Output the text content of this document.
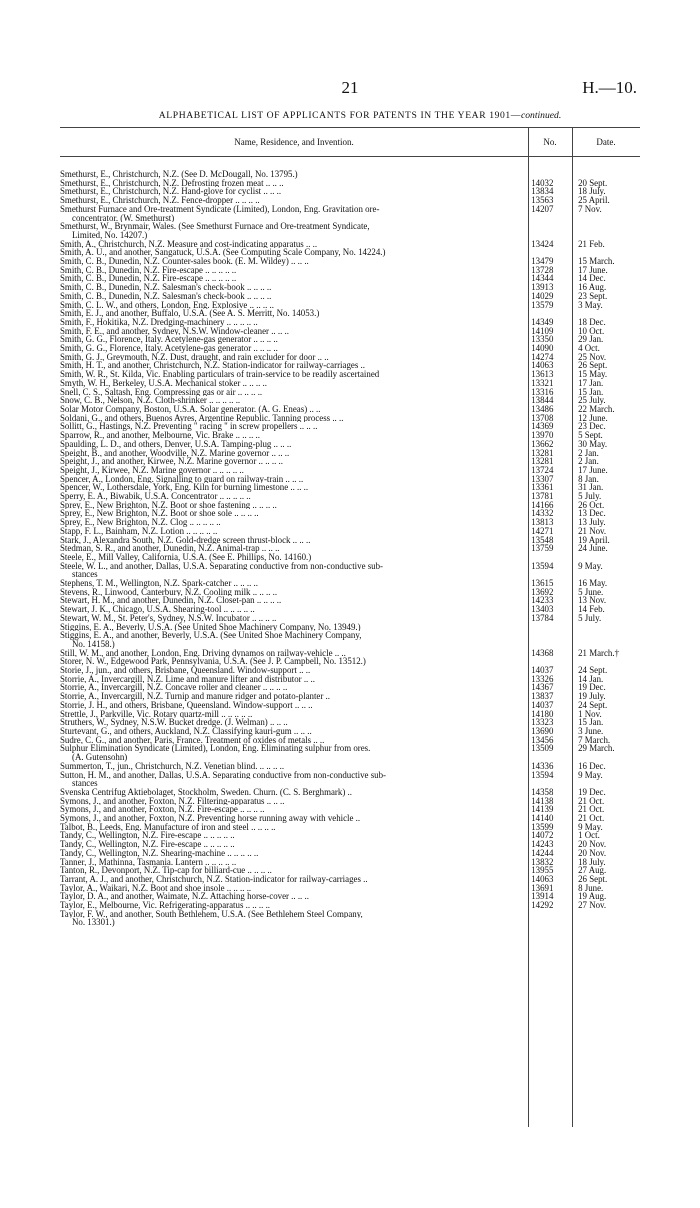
21	H.—10.
ALPHABETICAL LIST OF APPLICANTS FOR PATENTS IN THE YEAR 1901—continued.
Name, Residence, and Invention.	No.	Date.
Smethurst, E., Christchurch, N.Z. (See D. McDougall, No. 13795.)
Smethurst, E., Christchurch, N.Z. Defrosting frozen meat .. .. ..	14032	20 Sept.
Smethurst, E., Christchurch, N.Z. Hand-glove for cyclist .. .. ..	13834	18 July.
Smethurst, E., Christchurch, N.Z. Fence-dropper .. .. .. ..	13563	25 April.
Smethurst Furnace and Ore-treatment Syndicate (Limited), London, Eng. Gravitation ore-
concentrator. (W. Smethurst)
14207	7 Nov.
Smethurst, W., Brynmair, Wales. (See Smethurst Furnace and Ore-treatment Syndicate,
Limited, No. 14207.)
Smith, A., Christchurch, N.Z. Measure and cost-indicating apparatus .. ..	13424	21 Feb.
Smith, A. U., and another, Sangatuck, U.S.A. (See Computing Scale Company, No. 14224.)
Smith, C. B., Dunedin, N.Z. Counter-sales book. (E. M. Wildey) .. .. ..	13479	15 March.
Smith, C. B., Dunedin, N.Z. Fire-escape .. .. .. .. ..	13728	17 June.
Smith, C. B., Dunedin, N.Z. Fire-escape .. .. .. .. ..	14344	14 Dec.
Smith, C. B., Dunedin, N.Z. Salesman's check-book .. .. .. ..	13913	16 Aug.
Smith, C. B., Dunedin, N.Z. Salesman's check-book .. .. .. ..	14029	23 Sept.
Smith, C. L. W., and others, London, Eng. Explosive .. .. .. ..	13579	3 May.
Smith, E. J., and another, Buffalo, U.S.A. (See A. S. Merritt, No. 14053.)
Smith, F., Hokitika, N.Z. Dredging-machinery .. .. .. .. ..	14349	18 Dec.
Smith, F. E., and another, Sydney, N.S.W. Window-cleaner .. .. ..	14109	10 Oct.
Smith, G. G., Florence, Italy. Acetylene-gas generator .. .. .. ..	13350	29 Jan.
Smith, G. G., Florence, Italy. Acetylene-gas generator .. .. .. ..	14090	4 Oct.
Smith, G. J., Greymouth, N.Z. Dust, draught, and rain excluder for door .. ..	14274	25 Nov.
Smith, H. T., and another, Christchurch, N.Z. Station-indicator for railway-carriages ..	14063	26 Sept.
Smith, W. R., St. Kilda, Vic. Enabling particulars of train-service to be readily ascertained	13613	15 May.
Smyth, W. H., Berkeley, U.S.A. Mechanical stoker .. .. .. ..	13321	17 Jan.
Snell, C. S., Saltash, Eng. Compressing gas or air .. .. .. ..	13316	15 Jan.
Snow, C. B., Nelson, N.Z. Cloth-shrinker .. .. .. .. ..	13844	25 July.
Solar Motor Company, Boston, U.S.A. Solar generator. (A. G. Eneas) .. ..	13486	22 March.
Soldani, G., and others, Buenos Ayres, Argentine Republic. Tanning process .. ..	13708	12 June.
Sollitt, G., Hastings, N.Z. Preventing " racing " in screw propellers .. .. ..	14369	23 Dec.
Sparrow, R., and another, Melbourne, Vic. Brake .. .. .. ..	13970	5 Sept.
Spaulding, L. D., and others, Denver, U.S.A. Tamping-plug .. .. ..	13662	30 May.
Speight, B., and another, Woodville, N.Z. Marine governor .. .. ..	13281	2 Jan.
Speight, J., and another, Kirwee, N.Z. Marine governor .. .. .. ..	13281	2 Jan.
Speight, J., Kirwee, N.Z. Marine governor .. .. .. .. ..	13724	17 June.
Spencer, A., London, Eng. Signalling to guard on railway-train .. .. ..	13307	8 Jan.
Spencer, W., Lothersdale, York, Eng. Kiln for burning limestone .. .. ..	13361	31 Jan.
Sperry, E. A., Biwabik, U.S.A. Concentrator .. .. .. .. ..	13781	5 July.
Sprey, E., New Brighton, N.Z. Boot or shoe fastening .. .. .. ..	14166	26 Oct.
Sprey, E., New Brighton, N.Z. Boot or shoe sole .. .. .. ..	14332	13 Dec.
Sprey, E., New Brighton, N.Z. Clog .. .. .. .. ..	13813	13 July.
Stapp, F. L., Bainham, N.Z. Lotion .. .. .. .. ..	14271	21 Nov.
Stark, J., Alexandra South, N.Z. Gold-dredge screen thrust-block .. .. ..	13548	19 April.
Stedman, S. R., and another, Dunedin, N.Z. Animal-trap .. .. ..	13759	24 June.
Steele, E., Mill Valley, California, U.S.A. (See E. Phillips, No. 14160.)
Steele, W. L., and another, Dallas, U.S.A. Separating conductive from non-conductive sub-
stances
13594	9 May.
Stephens, T. M., Wellington, N.Z. Spark-catcher .. .. .. ..	13615	16 May.
Stevens, R., Linwood, Canterbury, N.Z. Cooling milk .. .. .. ..	13692	5 June.
Stewart, H. M., and another, Dunedin, N.Z. Closet-pan .. .. .. ..	14233	13 Nov.
Stewart, J. K., Chicago, U.S.A. Shearing-tool .. .. .. .. ..	13403	14 Feb.
Stewart, W. M., St. Peter's, Sydney, N.S.W. Incubator .. .. .. ..	13784	5 July.
Stiggins, E. A., Beverly, U.S.A. (See United Shoe Machinery Company, No. 13949.)
Stiggins, E. A., and another, Beverly, U.S.A. (See United Shoe Machinery Company,
No. 14158.)
Still, W. M., and another, London, Eng. Driving dynamos on railway-vehicle .. ..	14368	21 March.†
Storer, N. W., Edgewood Park, Pennsylvania, U.S.A. (See J. P. Campbell, No. 13512.)
Storie, J., jun., and others, Brisbane, Queensland. Window-support .. ..	14037	24 Sept.
Storrie, A., Invercargill, N.Z. Lime and manure lifter and distributor .. ..	13326	14 Jan.
Storrie, A., Invercargill, N.Z. Concave roller and cleaner .. .. .. ..	14367	19 Dec.
Storrie, A., Invercargill, N.Z. Turnip and manure ridger and potato-planter ..	13837	19 July.
Storrie, J. H., and others, Brisbane, Queensland. Window-support .. .. ..	14037	24 Sept.
Strettle, J., Parkville, Vic. Rotary quartz-mill .. .. .. .. ..	14180	1 Nov.
Struthers, W., Sydney, N.S.W. Bucket dredge. (J. Welman) .. .. ..	13323	15 Jan.
Sturtevant, G., and others, Auckland, N.Z. Classifying kauri-gum .. .. ..	13690	3 June.
Sudre, C. G., and another, Paris, France. Treatment of oxides of metals .. ..	13456	7 March.
Sulphur Elimination Syndicate (Limited), London, Eng. Eliminating sulphur from ores.
(A. Gutensohn)
13509	29 March.
Summerton, T., jun., Christchurch, N.Z. Venetian blind. .. .. .. ..	14336	16 Dec.
Sutton, H. M., and another, Dallas, U.S.A. Separating conductive from non-conductive sub-
stances
13594	9 May.
Svenska Centrifug Aktiebolaget, Stockholm, Sweden. Churn. (C. S. Berghmark) ..	14358	19 Dec.
Symons, J., and another, Foxton, N.Z. Filtering-apparatus .. .. ..	14138	21 Oct.
Symons, J., and another, Foxton, N.Z. Fire-escape .. .. .. ..	14139	21 Oct.
Symons, J., and another, Foxton, N.Z. Preventing horse running away with vehicle ..	14140	21 Oct.
Talbot, B., Leeds, Eng. Manufacture of iron and steel .. .. .. ..	13599	9 May.
Tandy, C., Wellington, N.Z. Fire-escape .. .. .. .. ..	14072	1 Oct.
Tandy, C., Wellington, N.Z. Fire-escape .. .. .. .. ..	14243	20 Nov.
Tandy, C., Wellington, N.Z. Shearing-machine .. .. .. .. ..	14244	20 Nov.
Tanner, J., Mathinna, Tasmania. Lantern .. .. .. .. ..	13832	18 July.
Tanton, R., Devonport, N.Z. Tip-cap for billiard-cue .. .. .. ..	13955	27 Aug.
Tarrant, A. J., and another, Christchurch, N.Z. Station-indicator for railway-carriages ..	14063	26 Sept.
Taylor, A., Waikari, N.Z. Boot and shoe insole .. .. .. ..	13691	8 June.
Taylor, D. A., and another, Waimate, N.Z. Attaching horse-cover .. .. ..	13914	19 Aug.
Taylor, E., Melbourne, Vic. Refrigerating-apparatus .. .. .. ..	14292	27 Nov.
Taylor, F. W., and another, South Bethlehem, U.S.A. (See Bethlehem Steel Company,
No. 13301.)
